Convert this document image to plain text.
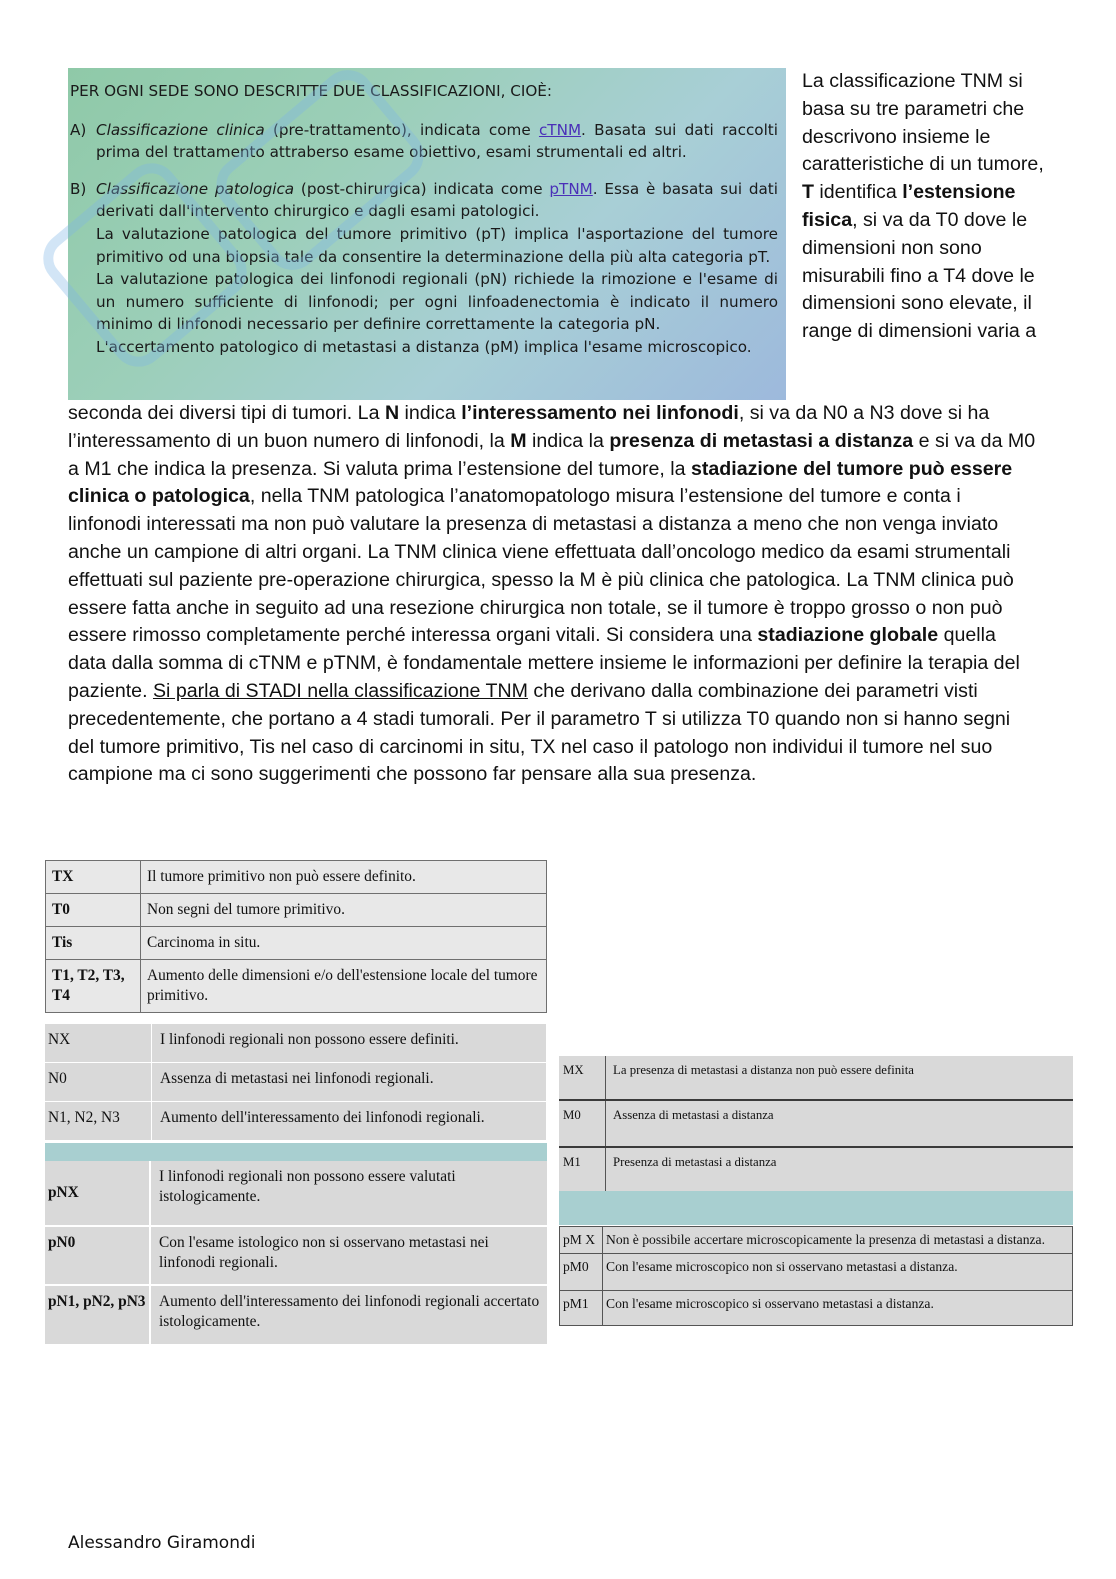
PER OGNI SEDE SONO DESCRITTE DUE CLASSIFICAZIONI, CIOÈ:
A) Classificazione clinica (pre-trattamento), indicata come cTNM. Basata sui dati raccolti prima del trattamento attraberso esame obiettivo, esami strumentali ed altri.
B) Classificazione patologica (post-chirurgica) indicata come pTNM. Essa è basata sui dati derivati dall'intervento chirurgico e dagli esami patologici.
La valutazione patologica del tumore primitivo (pT) implica l'asportazione del tumore primitivo od una biopsia tale da consentire la determinazione della più alta categoria pT.
La valutazione patologica dei linfonodi regionali (pN) richiede la rimozione e l'esame di un numero sufficiente di linfonodi; per ogni linfoadenectomia è indicato il numero minimo di linfonodi necessario per definire correttamente la categoria pN.
L'accertamento patologico di metastasi a distanza (pM) implica l'esame microscopico.

La classificazione TNM si basa su tre parametri che descrivono insieme le caratteristiche di un tumore, T identifica l’estensione fisica, si va da T0 dove le dimensioni non sono misurabili fino a T4 dove le dimensioni sono elevate, il range di dimensioni varia a

seconda dei diversi tipi di tumori. La N indica l’interessamento nei linfonodi, si va da N0 a N3 dove si ha l’interessamento di un buon numero di linfonodi, la M indica la presenza di metastasi a distanza e si va da M0 a M1 che indica la presenza. Si valuta prima l’estensione del tumore, la stadiazione del tumore può essere clinica o patologica, nella TNM patologica l’anatomopatologo misura l’estensione del tumore e conta i linfonodi interessati ma non può valutare la presenza di metastasi a distanza a meno che non venga inviato anche un campione di altri organi. La TNM clinica viene effettuata dall’oncologo medico da esami strumentali effettuati sul paziente pre-operazione chirurgica, spesso la M è più clinica che patologica. La TNM clinica può essere fatta anche in seguito ad una resezione chirurgica non totale, se il tumore è troppo grosso o non può essere rimosso completamente perché interessa organi vitali. Si considera una stadiazione globale quella data dalla somma di cTNM e pTNM, è fondamentale mettere insieme le informazioni per definire la terapia del paziente. Si parla di STADI nella classificazione TNM che derivano dalla combinazione dei parametri visti precedentemente, che portano a 4 stadi tumorali. Per il parametro T si utilizza T0 quando non si hanno segni del tumore primitivo, Tis nel caso di carcinomi in situ, TX nel caso il patologo non individui il tumore nel suo campione ma ci sono suggerimenti che possono far pensare alla sua presenza.

TX	Il tumore primitivo non può essere definito.
T0	Non segni del tumore primitivo.
Tis	Carcinoma in situ.
T1, T2, T3, T4	Aumento delle dimensioni e/o dell'estensione locale del tumore primitivo.
NX	I linfonodi regionali non possono essere definiti.
N0	Assenza di metastasi nei linfonodi regionali.
N1, N2, N3	Aumento dell'interessamento dei linfonodi regionali.
pNX	I linfonodi regionali non possono essere valutati istologicamente.
pN0	Con l'esame istologico non si osservano metastasi nei linfonodi regionali.
pN1, pN2, pN3	Aumento dell'interessamento dei linfonodi regionali accertato istologicamente.
MX	La presenza di metastasi a distanza non può essere definita
M0	Assenza di metastasi a distanza
M1	Presenza di metastasi a distanza
pM X	Non è possibile accertare microscopicamente la presenza di metastasi a distanza.
pM0	Con l'esame microscopico non si osservano metastasi a distanza.
pM1	Con l'esame microscopico si osservano metastasi a distanza.
Alessandro Giramondi
